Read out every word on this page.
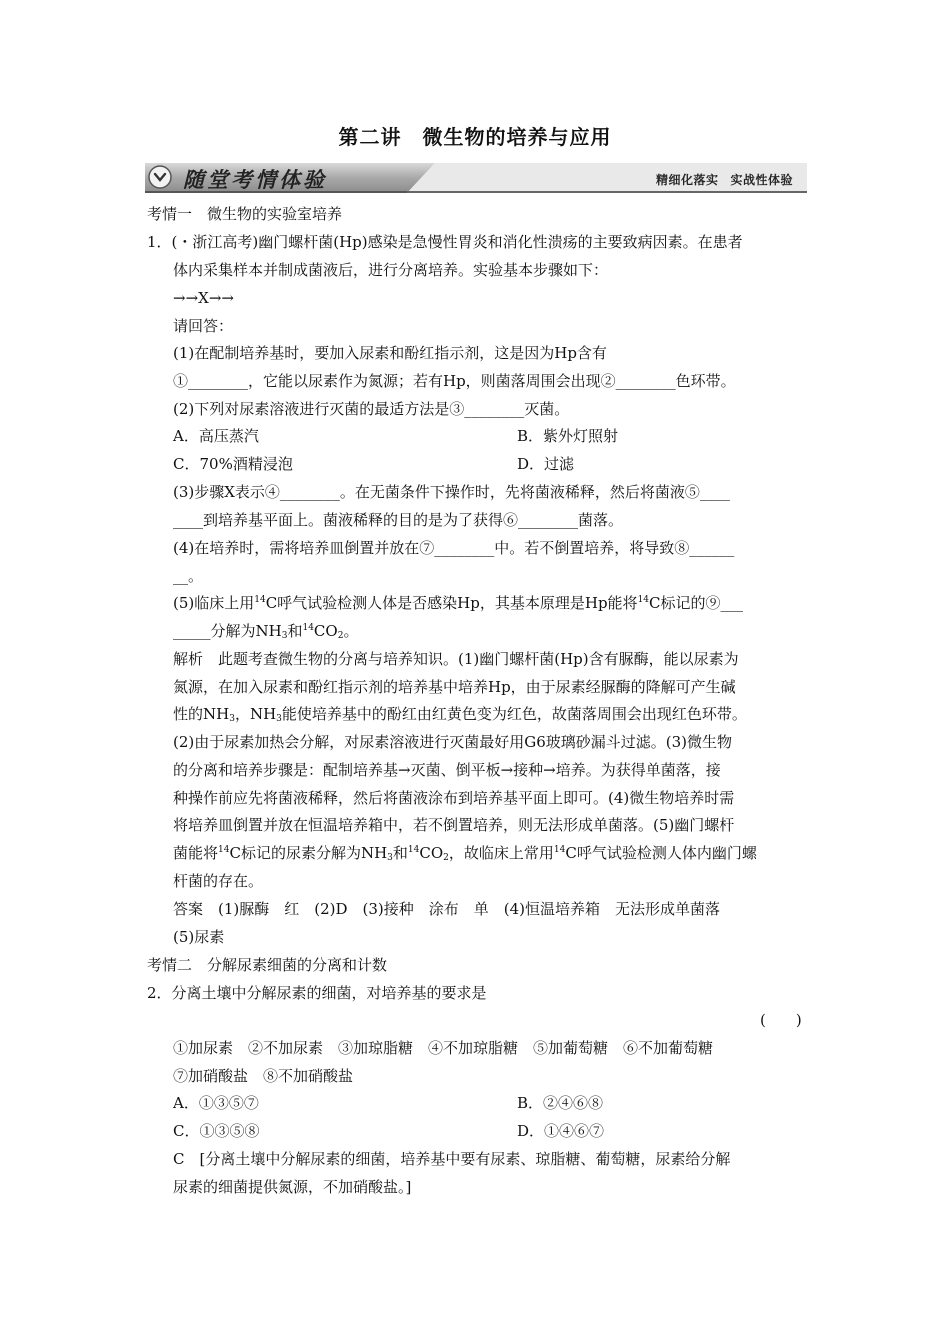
第二讲　微生物的培养与应用
随堂考情体验	精细化落实 实战性体验
考情一　微生物的实验室培养
1．(・浙江高考)幽门螺杆菌(Hp)感染是急慢性胃炎和消化性溃疡的主要致病因素。在患者
体内采集样本并制成菌液后，进行分离培养。实验基本步骤如下：
→→X→→
请回答：
(1)在配制培养基时，要加入尿素和酚红指示剂，这是因为Hp含有
①________，它能以尿素作为氮源；若有Hp，则菌落周围会出现②________色环带。
(2)下列对尿素溶液进行灭菌的最适方法是③________灭菌。
A．高压蒸汽	B．紫外灯照射
C．70%酒精浸泡	D．过滤
(3)步骤X表示④________。在无菌条件下操作时，先将菌液稀释，然后将菌液⑤____
____到培养基平面上。菌液稀释的目的是为了获得⑥________菌落。
(4)在培养时，需将培养皿倒置并放在⑦________中。若不倒置培养，将导致⑧______
__。
(5)临床上用$^{14}$C呼气试验检测人体是否感染Hp，其基本原理是Hp能将$^{14}$C标记的⑨___
_____分解为$NH_3$和$^{14}CO_2$。
解析　此题考查微生物的分离与培养知识。(1)幽门螺杆菌(Hp)含有脲酶，能以尿素为
氮源，在加入尿素和酚红指示剂的培养基中培养Hp，由于尿素经脲酶的降解可产生碱
性的$NH_3$，$NH_3$能使培养基中的酚红由红黄色变为红色，故菌落周围会出现红色环带。
(2)由于尿素加热会分解，对尿素溶液进行灭菌最好用G6玻璃砂漏斗过滤。(3)微生物
的分离和培养步骤是：配制培养基→灭菌、倒平板→接种→培养。为获得单菌落，接
种操作前应先将菌液稀释，然后将菌液涂布到培养基平面上即可。(4)微生物培养时需
将培养皿倒置并放在恒温培养箱中，若不倒置培养，则无法形成单菌落。(5)幽门螺杆
菌能将$^{14}$C标记的尿素分解为$NH_3$和$^{14}CO_2$，故临床上常用$^{14}$C呼气试验检测人体内幽门螺
杆菌的存在。
答案　(1)脲酶　红　(2)D　(3)接种　涂布　单　(4)恒温培养箱　无法形成单菌落
(5)尿素
考情二　分解尿素细菌的分离和计数
2．分离土壤中分解尿素的细菌，对培养基的要求是
(　　)
①加尿素　②不加尿素　③加琼脂糖　④不加琼脂糖　⑤加葡萄糖　⑥不加葡萄糖
⑦加硝酸盐　⑧不加硝酸盐
A．①③⑤⑦	B．②④⑥⑧
C．①③⑤⑧	D．①④⑥⑦
C　[分离土壤中分解尿素的细菌，培养基中要有尿素、琼脂糖、葡萄糖，尿素给分解
尿素的细菌提供氮源，不加硝酸盐。]
